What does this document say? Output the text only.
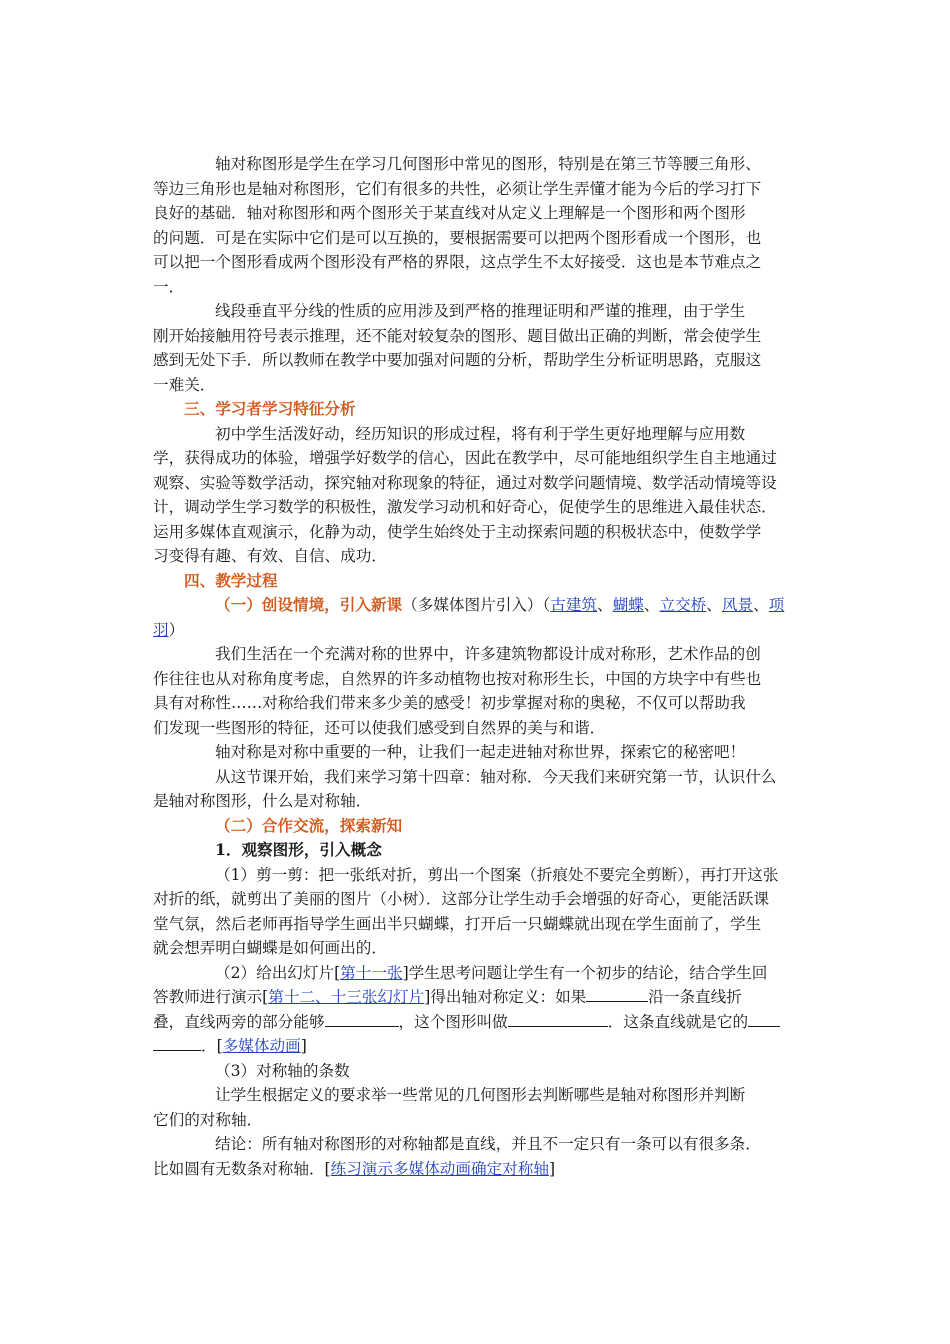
轴对称图形是学生在学习几何图形中常见的图形，特别是在第三节等腰三角形、
等边三角形也是轴对称图形，它们有很多的共性，必须让学生弄懂才能为今后的学习打下
良好的基础．轴对称图形和两个图形关于某直线对从定义上理解是一个图形和两个图形
的问题．可是在实际中它们是可以互换的，要根据需要可以把两个图形看成一个图形，也
可以把一个图形看成两个图形没有严格的界限，这点学生不太好接受．这也是本节难点之
一．
线段垂直平分线的性质的应用涉及到严格的推理证明和严谨的推理，由于学生
刚开始接触用符号表示推理，还不能对较复杂的图形、题目做出正确的判断，常会使学生
感到无处下手．所以教师在教学中要加强对问题的分析，帮助学生分析证明思路，克服这
一难关．
三、学习者学习特征分析
初中学生活泼好动，经历知识的形成过程，将有利于学生更好地理解与应用数
学，获得成功的体验，增强学好数学的信心，因此在教学中，尽可能地组织学生自主地通过
观察、实验等数学活动，探究轴对称现象的特征，通过对数学问题情境、数学活动情境等设
计，调动学生学习数学的积极性，激发学习动机和好奇心，促使学生的思维进入最佳状态．
运用多媒体直观演示，化静为动，使学生始终处于主动探索问题的积极状态中，使数学学
习变得有趣、有效、自信、成功．
四、教学过程
（一）创设情境，引入新课（多媒体图片引入）（古建筑、蝴蝶、立交桥、风景、项
羽）
我们生活在一个充满对称的世界中，许多建筑物都设计成对称形，艺术作品的创
作往往也从对称角度考虑，自然界的许多动植物也按对称形生长，中国的方块字中有些也
具有对称性……对称给我们带来多少美的感受！初步掌握对称的奥秘，不仅可以帮助我
们发现一些图形的特征，还可以使我们感受到自然界的美与和谐．
轴对称是对称中重要的一种，让我们一起走进轴对称世界，探索它的秘密吧！
从这节课开始，我们来学习第十四章：轴对称．今天我们来研究第一节，认识什么
是轴对称图形，什么是对称轴．
（二）合作交流，探索新知
1．观察图形，引入概念
（1）剪一剪：把一张纸对折，剪出一个图案（折痕处不要完全剪断），再打开这张
对折的纸，就剪出了美丽的图片（小树）．这部分让学生动手会增强的好奇心，更能活跃课
堂气氛，然后老师再指导学生画出半只蝴蝶，打开后一只蝴蝶就出现在学生面前了，学生
就会想弄明白蝴蝶是如何画出的．
（2）给出幻灯片[第十一张]学生思考问题让学生有一个初步的结论，结合学生回
答教师进行演示[第十二、十三张幻灯片]得出轴对称定义：如果	沿一条直线折
叠，直线两旁的部分能够	，这个图形叫做	．这条直线就是它的
．[多媒体动画]
（3）对称轴的条数
让学生根据定义的要求举一些常见的几何图形去判断哪些是轴对称图形并判断
它们的对称轴．
结论：所有轴对称图形的对称轴都是直线，并且不一定只有一条可以有很多条．
比如圆有无数条对称轴．[练习演示多媒体动画确定对称轴]
